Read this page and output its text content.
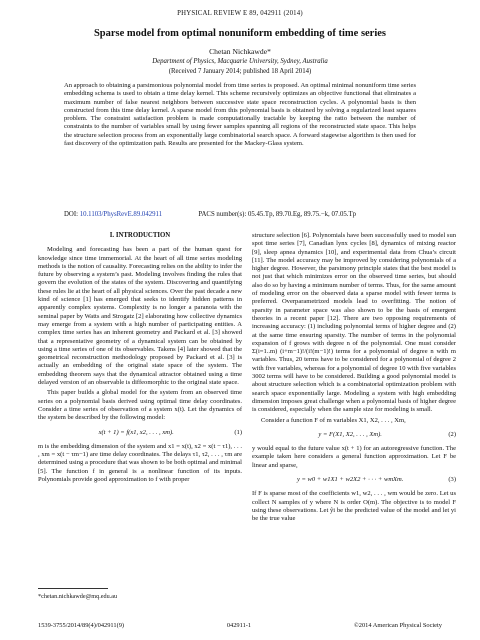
PHYSICAL REVIEW E 89, 042911 (2014)
Sparse model from optimal nonuniform embedding of time series
Chetan Nichkawde*
Department of Physics, Macquarie University, Sydney, Australia
(Received 7 January 2014; published 18 April 2014)

An approach to obtaining a parsimonious polynomial model from time series is proposed. An optimal minimal nonuniform time series embedding schema is used to obtain a time delay kernel. This scheme recursively optimizes an objective functional that eliminates a maximum number of false nearest neighbors between successive state space reconstruction cycles. A polynomial basis is then constructed from this time delay kernel. A sparse model from this polynomial basis is obtained by solving a regularized least squares problem. The constraint satisfaction problem is made computationally tractable by keeping the ratio between the number of constraints to the number of variables small by using fewer samples spanning all regions of the reconstructed state space. This helps the structure selection process from an exponentially large combinatorial search space. A forward stagewise algorithm is then used for fast discovery of the optimization path. Results are presented for the Mackey-Glass system.

DOI: 10.1103/PhysRevE.89.042911	PACS number(s): 05.45.Tp, 89.70.Eg, 89.75.−k, 07.05.Tp
I. INTRODUCTION

Modeling and forecasting has been a part of the human quest for knowledge since time immemorial. At the heart of all time series modeling methods is the notion of causality. Forecasting relies on the ability to infer the future by observing a system’s past. Modeling involves finding the rules that govern the evolution of the states of the system. Discovering and quantifying these rules lie at the heart of all physical sciences. Over the past decade a new kind of science [1] has emerged that seeks to identify hidden patterns in apparently complex systems. Complexity is no longer a paranoia with the seminal paper by Watts and Strogatz [2] elaborating how collective dynamics may emerge from a system with a high number of participating entities. A complex time series has an inherent geometry and Packard et al. [3] showed that a representative geometry of a dynamical system can be obtained by using a time series of one of its observables. Takens [4] later showed that the geometrical reconstruction methodology proposed by Packard et al. [3] is actually an embedding of the original state space of the system. The embedding theorem says that the dynamical attractor obtained using a time delayed version of an observable is diffeomorphic to the original state space.

This paper builds a global model for the system from an observed time series on a polynomial basis derived using optimal time delay coordinates. Consider a time series of observation of a system x(t). Let the dynamics of the system be described by the following model:

x(t + 1) = f(x1, x2, . . . , xm).	(1)

m is the embedding dimension of the system and x1 = x(t), x2 = x(t − τ1), . . . , xm = x(t − τm−1) are time delay coordinates. The delays τ1, τ2, . . . , τm are determined using a procedure that was shown to be both optimal and minimal [5]. The function f in general is a nonlinear function of its inputs. Polynomials provide good approximation to f with proper

structure selection [6]. Polynomials have been successfully used to model sun spot time series [7], Canadian lynx cycles [8], dynamics of mixing reactor [9], sleep apnea dynamics [10], and experimental data from Chua’s circuit [11]. The model accuracy may be improved by considering polynomials of a higher degree. However, the parsimony principle states that the best model is not just that which minimizes error on the observed time series, but should also do so by having a minimum number of terms. Thus, for the same amount of modeling error on the observed data a sparse model with fewer terms is preferred. Overparametrized models lead to overfitting. The notion of sparsity in parameter space was also shown to be the basis of emergent theories in a recent paper [12]. There are two opposing requirements of increasing accuracy: (1) including polynomial terms of higher degree and (2) at the same time ensuring sparsity. The number of terms in the polynomial expansion of f grows with degree n of the polynomial. One must consider Σ(i=1..m) (i+m−1)!/(i!(m−1)!) terms for a polynomial of degree n with m variables. Thus, 20 terms have to be considered for a polynomial of degree 2 with five variables, whereas for a polynomial of degree 10 with five variables 3002 terms will have to be considered. Building a good polynomial model is about structure selection which is a combinatorial optimization problem with search space exponentially large. Modeling a system with high embedding dimension imposes great challenge when a polynomial basis of higher degree is considered, especially when the sample size for modeling is small.

Consider a function F of m variables X1, X2, . . . , Xm,

y = F(X1, X2, . . . , Xm).	(2)

y would equal to the future value x(t + 1) for an autoregressive function. The example taken here considers a general function approximation. Let F be linear and sparse,

y = w0 + w1X1 + w2X2 + · · · + wmXm.	(3)

If F is sparse most of the coefficients w1, w2, . . . , wm would be zero. Let us collect N samples of y where N is order O(m). The objective is to model F using these observations. Let ŷi be the predicted value of the model and let yi be the true value

*chetan.nichkawde@mq.edu.au
1539-3755/2014/89(4)/042911(9)	042911-1	©2014 American Physical Society
